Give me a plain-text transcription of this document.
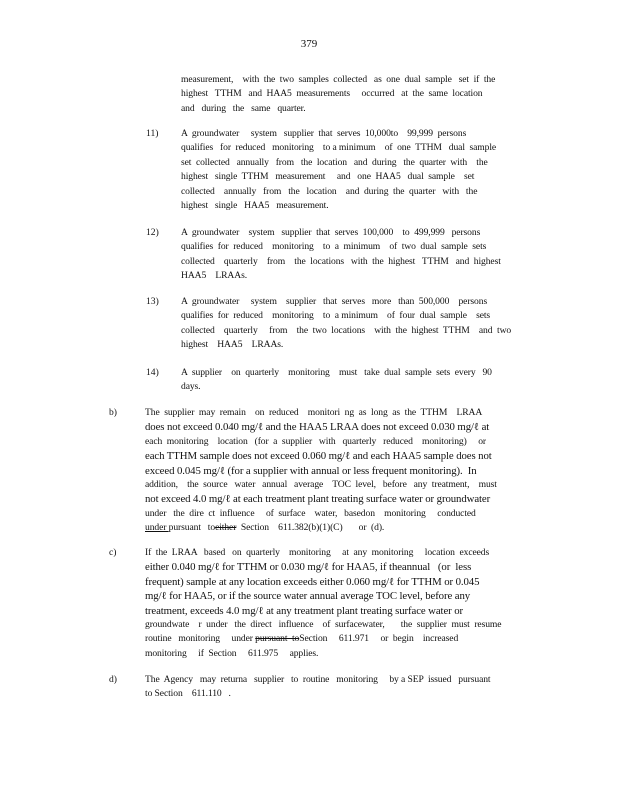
379
measurement,    with  the  two  samples  collected   as  one  dual  sample   set  if  the
highest   TTHM   and  HAA5  measurements     occurred   at  the  same  location
and   during   the   same   quarter.
11) A  groundwater     system   supplier  that  serves  10,000to    99,999  persons
qualifies   for  reduced   monitoring    to a minimum    of  one  TTHM   dual  sample
set  collected   annually   from   the  location   and  during   the  quarter  with    the
highest   single  TTHM   measurement     and   one  HAA5   dual  sample    set
collected    annually   from   the   location    and  during  the  quarter   with   the
highest   single   HAA5   measurement.
12) A  groundwater    system   supplier  that  serves  100,000    to  499,999   persons
qualifies  for  reduced    monitoring    to  a  minimum    of  two  dual  sample  sets
collected    quarterly    from    the  locations   with  the  highest   TTHM   and  highest
HAA5    LRAAs.
13) A  groundwater     system    supplier   that  serves   more   than  500,000    persons
qualifies  for  reduced    monitoring    to  a minimum    of  four  dual  sample    sets
collected    quarterly     from    the  two  locations    with  the  highest  TTHM    and  two
highest    HAA5    LRAAs.
14) A  supplier    on  quarterly    monitoring    must   take  dual  sample  sets  every   90
days.
b)	The  supplier  may  remain    on  reduced    monitori  ng  as  long  as  the  TTHM    LRAA
does not exceed 0.040 mg/ℓ and the HAA5 LRAA does not exceed 0.030 mg/ℓ at
each  monitoring    location   (for  a  supplier   with   quarterly   reduced    monitoring)     or
each TTHM sample does not exceed 0.060 mg/ℓ and each HAA5 sample does not
exceed 0.045 mg/ℓ (for a supplier with annual or less frequent monitoring).  In
addition,    the  source   water   annual   average    TOC  level,   before   any  treatment,    must
not exceed 4.0 mg/ℓ at each treatment plant treating surface water or groundwater
under   the  dire  ct  influence     of  surface    water,   basedon    monitoring     conducted
under pursuant   toeither  Section    611.382(b)(1)(C)       or  (d).
c)	If  the  LRAA   based   on  quarterly    monitoring     at  any  monitoring     location  exceeds
either 0.040 mg/ℓ for TTHM or 0.030 mg/ℓ for HAA5, if theannual   (or  less
frequent) sample at any location exceeds either 0.060 mg/ℓ for TTHM or 0.045
mg/ℓ for HAA5, or if the source water annual average TOC level, before any
treatment, exceeds 4.0 mg/ℓ at any treatment plant treating surface water or
groundwate    r  under   the  direct   influence    of  surfacewater,       the  supplier  must  resume
routine   monitoring     under pursuant  toSection     611.971     or  begin    increased
monitoring     if  Section     611.975     applies.
d)	The  Agency   may  returna   supplier   to  routine   monitoring     by a SEP  issued   pursuant
to Section    611.110   .
